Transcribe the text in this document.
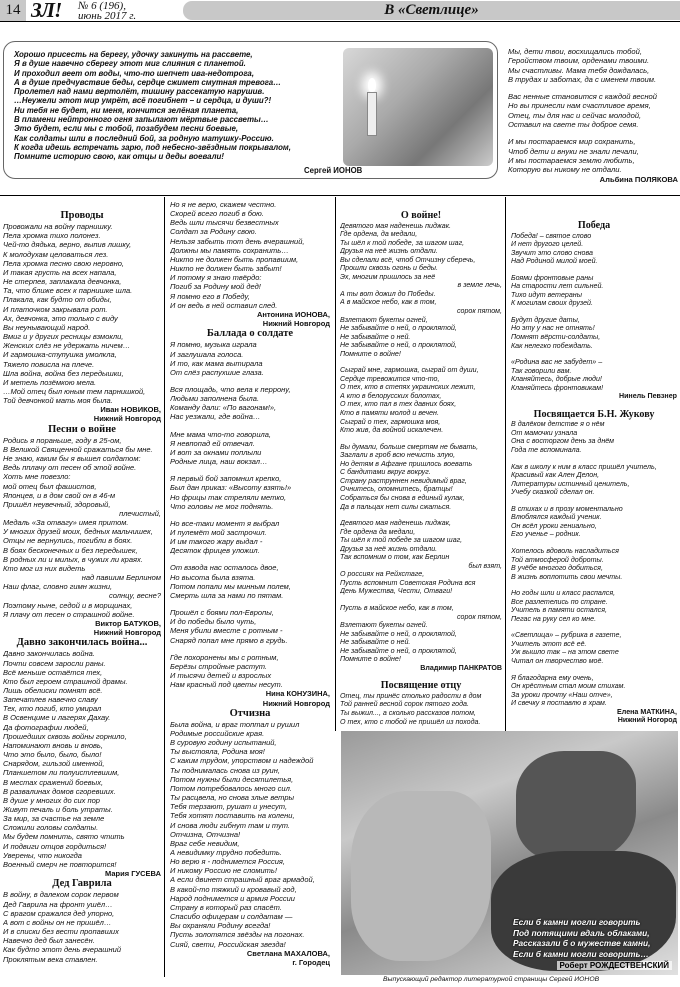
14 ЗЛ! № 6 (196),
июнь 2017 г.	В «Светлице»
Хорошо присесть на берегу, удочку закинуть на рассвете,
Я в душе навечно сберегу этот миг слияния с планетой.
И проходил веет от воды, что-то шепчет ива-недотрога,
А в душе предчувствие беды, сердце сжимет смутная тревога…
Пролетел над нами вертолёт, тишину рассекатую нарушив.
…Неужели этот мир умрёт, всё погибнет – и сердца, и души?!
Ни тебя не будет, ни меня, кончится зелёная планета,
В пламени нейтронного огня запылают мёртвые рассветы…
Это будет, если мы с тобой, позабудем песни боевые,
Как солдаты шли в последний бой, за родную матушку-Россию.
К когда идешь встречать зарю, под небесно-звёздным покрывалом,
Помните историю свою, как отцы и деды воевали!
Сергей ИОНОВ
Мы, дети твои, восхищались тобой,
Геройством твоим, орденами твоими.
Мы счастливы. Мама тебя дождалась,
В трудах и заботах, да с именем твоим.
Вас ненные становится с каждой весной
Но вы принесли нам счастливое время,
Отец, ты для нас и сейчас молодой,
Оставил на свете ты доброе семя.
И мы постараемся мир сохранить,
Чтоб дети и внуки не знали печали,
И мы постараемся землю любить,
Которую вы никому не отдали.
Альбина ПОЛЯКОВА
Проводы
Провожали на войну парнишку.
Пела хромка тихо полонез.
Чей-то дядька, верно, выпив лишку,
К молодухам целоваться лез.
Пела хромка песню свою неровно,
И такая грусть на всех напала,
Не стерпев, заплакала девчонка,
Та, что ближе всех к парнишке шла.
Плакала, как будто от обиды,
И платочком закрывала рот.
Ах, девчонка, это только с виду
Вы неунывающий народ.
Вмиг и у других ресницы взмокли,
Женских слёз не удержать ничем…
И гармошка-ступушка умолкла,
Тяжело повисла на плече.
Шла война, война без передышки,
И метель позёмкою мела.
…Мой отец был юным тем парнишкой,
Той девчонкой мать моя была.
Иван НОВИКОВ,
Нижний Новгород
Песни о войне
Родись я пораньше, году в 25-ом,
В Великой Священной сражаться бы мне.
Не знаю, каким бы я вышел солдатом:
Ведь пплачу от песен об этой войне.
Хотъ мне повезло:
мой отец был фашистов,
Японцев, и в дом свой он в 46-м
Пришёл неувечный, здоровый,
плечистый,
Медаль «За отвагу» имея притом.
У многих друзей моих, бедных мальчишек,
Отцы не вернулись, погибли в боях.
В боях бесконечных и без передышек,
В родных ли и милых, в чужих ли краях.
Кто мог из них видеть
над павшим Берлином
Наш флаг, словно гимн жизни,
солнцу, весне?
Поэтому ныне, седой и в морщинах,
Я плачу от песен о страшной войне.
Виктор БАТУКОВ,
Нижний Новгород
Давно закончилась война...
Давно закончилась война.
Почти совсем заросли раны.
Всё меньше остаётся тех,
Кто был героем страшной драмы.
Лишь обелиски помнят всё.
Запечатлев навечно славу
Тех, кто погиб, кто умирал
В Освенциме и лагерях Дахау.
Да фотографии людей,
Прошедших сквозь войны горнило,
Напоминают вновь и вновь,
Что это было, было, было!
Снарядом, гильзой именной,
Планшетом ли полуистлевшим,
В местах сражений боевых,
В развалинах домов сгоревших.
В душе у многих до сих пор
Живут печаль и боль утраты.
За мир, за счастье на земле
Сложили головы солдаты.
Мы будем помнить, свято чтить
И подвиги отцов гордиться!
Уверены, что никогда
Военный смерч не повторится!
Мария ГУСЕВА
Дед Гаврила
В войну, в далеком сорок первом
Дед Гаврила на фронт ушёл…
С врагом сражался дед упорно,
А вот с войны он не пришёл…
И в списки без вести пропавших
Навечно дед был занесён.
Как будто этот день вчерашний
Проклятым века ставлен.
Но я не верю, скажем честно.
Скорей всего погиб в бою.
Ведь шли тысячи безвестных
Солдат за Родину свою.
Нельзя забыть тот день вчерашний,
Должны мы память сохранить…
Никто не должен быть пропавшим,
Никто не должен быть забыт!
И потому я знаю твёрдо:
Погиб за Родину мой дед!
Я помню его в Победу,
И он ведь в ней оставил след.
Антонина ИОНОВА,
Нижний Новгород
Баллада о солдате
Я помню, музыка играла
И заглушала голоса.
И то, как мама вытирала
От слёз распухшие глаза.
Вся площадь, что вела к перрону,
Людьми заполнена была.
Команду дали: «По вагонам!»,
Нас уезжали, где война…
Мне мама что-то говорила,
Я невпопад ей отвечал.
И вот за окнами поплыли
Родные лица, наш вокзал…
Я первый бой запомнил крепко,
Был дан приказ: «Высоту взять!»
Но фрицы так стреляли метко,
Что головы не мог поднять.
Но все-таки момент я выбрал
И пулемёт мой застрочил.
И им такого жару выдал -
Десяток фрицев уложил.
От взвода нас осталось двое,
Но высота была взята.
Потом попали мы минным полем,
Смерть шла за нами по пятам.
Прошёл с боями пол-Европы,
И до победы было чуть,
Меня убили вместе с ротным -
Снаряд попал мне прямо в грудь.
Где похоронены мы с ротным,
Берёзы стройные растут.
И тысячи детей и взрослых
Нам красный под цветы несут.
Нина КОНУЗИНА,
Нижний Новгород
Отчизна
Была война, и враг топтал и рушил
Родимые российские края.
В суровую годину испытаний,
Ты выстояла, Родина моя!
С каким трудом, упорством и надеждой
Ты поднималась снова из руин,
Потом нужны были десятилетья,
Потом потребовалось много сил.
Ты расцвела, но снова злые ветры
Тебя терзают, рушат и унесут,
Тебя хотят поставить на колени,
И снова люди гибнут там и тут.
Отчизна, Отчизна!
Враг себе невидим,
А невидимку трудно победить.
Но верю я - поднимется Россия,
И никому Россию не сломить!
А если двинет страшный враг армадой,
В какой-то тяжкий и кровавый год,
Народ поднимется и армия России
Страну в который раз спасёт.
Спасибо офицерам и солдатам —
Вы охраняли Родину всегда!
Пусть золотятся звёзды на погонах.
Сияй, свети, Российская звезда!
Светлана МАХАЛОВА,
г. Городец
О войне!
Девятого мая наденешь пиджак.
Где ордена, да медали,
Ты шёл к той победе, за шагом шаг,
Друзья на неё жизнь отдали.
Вы сделали всё, чтоб Отчизну сберечь,
Прошли сквозь огонь и беды.
Эх, многим пришлось за неё
в земле лечь,
А ты вот дожил до Победы.
А в майское небо, как в том,
сорок пятом,
Взлетают букеты огней,
Не забывайте о ней, о проклятой,
Не забывайте о ней.
Не забывайте о ней, о проклятой,
Помните о войне!
Сыграй мне, гармошка, сыграй от души,
Сердце тревожится что-то,
О тех, кто в степях украинских лежит,
А кто в белорусских болотах,
О тех, кто пал в тех давних боях,
Кто в памяти молод и вечен.
Сыграй о тех, гармошка моя,
Кто жив, да войной искалечен.
Вы думали, больше смертям не бывать,
Заглали в гроб всю нечисть злую,
Но детям в Афгане пришлось воевать
С бандитами вкруг вокруг.
Страну раструннен невидимый враг,
Очнитесь, опомнитесь, братцы!
Собраться бы снова в единый кулак,
Да в пальцах нет силы сжаться.
Девятого мая наденешь пиджак,
Где ордена да медали,
Ты шёл к той победе за шагом шаг,
Друзья за неё жизнь отдали.
Так вспомним о том, как Берлин
был взят,
О россиях на Рейхстаге,
Пусть вспомнит Советская Родина вся
День Мужества, Чести, Отваги!
Пусть в майское небо, как в том,
сорок пятом,
Взлетают букеты огней.
Не забывайте о ней, о проклятой,
Не забывайте о ней.
Не забывайте о ней, о проклятой,
Помните о войне!
Владимир ПАНКРАТОВ
Посвящение отцу
Отец, ты принёс столько радости в дом
Той ранней весной сорок пятого года.
Ты выжил..., а сколько рассказов потом,
О тех, кто с тобой не пришёл из похода.
Победа
Победа! – святое слово
И нет другого целей.
Звучит это слово снова
Над Родиной милой моей.
Боями фронтовые раны
На старости лет сильней.
Тихо идут ветераны
К могилам своих друзей.
Будут другие даты,
Но эту у нас не отнять!
Помнят вёрсти-солдаты,
Как нелегко побеждать.
«Родина вас не забудет» –
Так говорили вам.
Кланяйтесь, добрые люди!
Кланяйтесь фронтовикам!
Нинель Певзнер
Посвящается Б.Н. Жукову
В далёком детстве я о нём
От мамочки узнала
Она с восторгом день за днём
Года те вспоминала.
Как в школу к ним в класс пришёл учитель,
Красивый как Ален Делон,
Литературы истинный ценитель,
Учебу сказкой сделал он.
В стихах и в прозу моментально
Влюблялся каждый ученик.
Он всёл уроки гениально,
Его ученье – родник.
Хотелось вдоволь насладиться
Той атмосферой доброты.
В учёбе многого добиться,
В жизнь воплотить свои мечты.
Но годы шли и класс распался,
Все разлетелись по стране.
Учитель в памяти остался,
Пегас на руку сел ко мне.
«Светлица» – рубрика в газете,
Учитель этот всё её.
Уж вышло так – на этом свете
Читал он творчество моё.
Я благодарна ему очень,
Он крёстным стал моим стихам.
За уроки прочту «Наш отче»,
И свечку я поставлю в храм.
Елена МАТКИНА,
Нижний Ногород
Если б камни могли говорить
Под потящими вдаль облаками,
Рассказали б о мужестве камни,
Если б камни могли говорить…
Роберт РОЖДЕСТВЕНСКИЙ
Выпускающий редактор литературной страницы Сергей ИОНОВ
